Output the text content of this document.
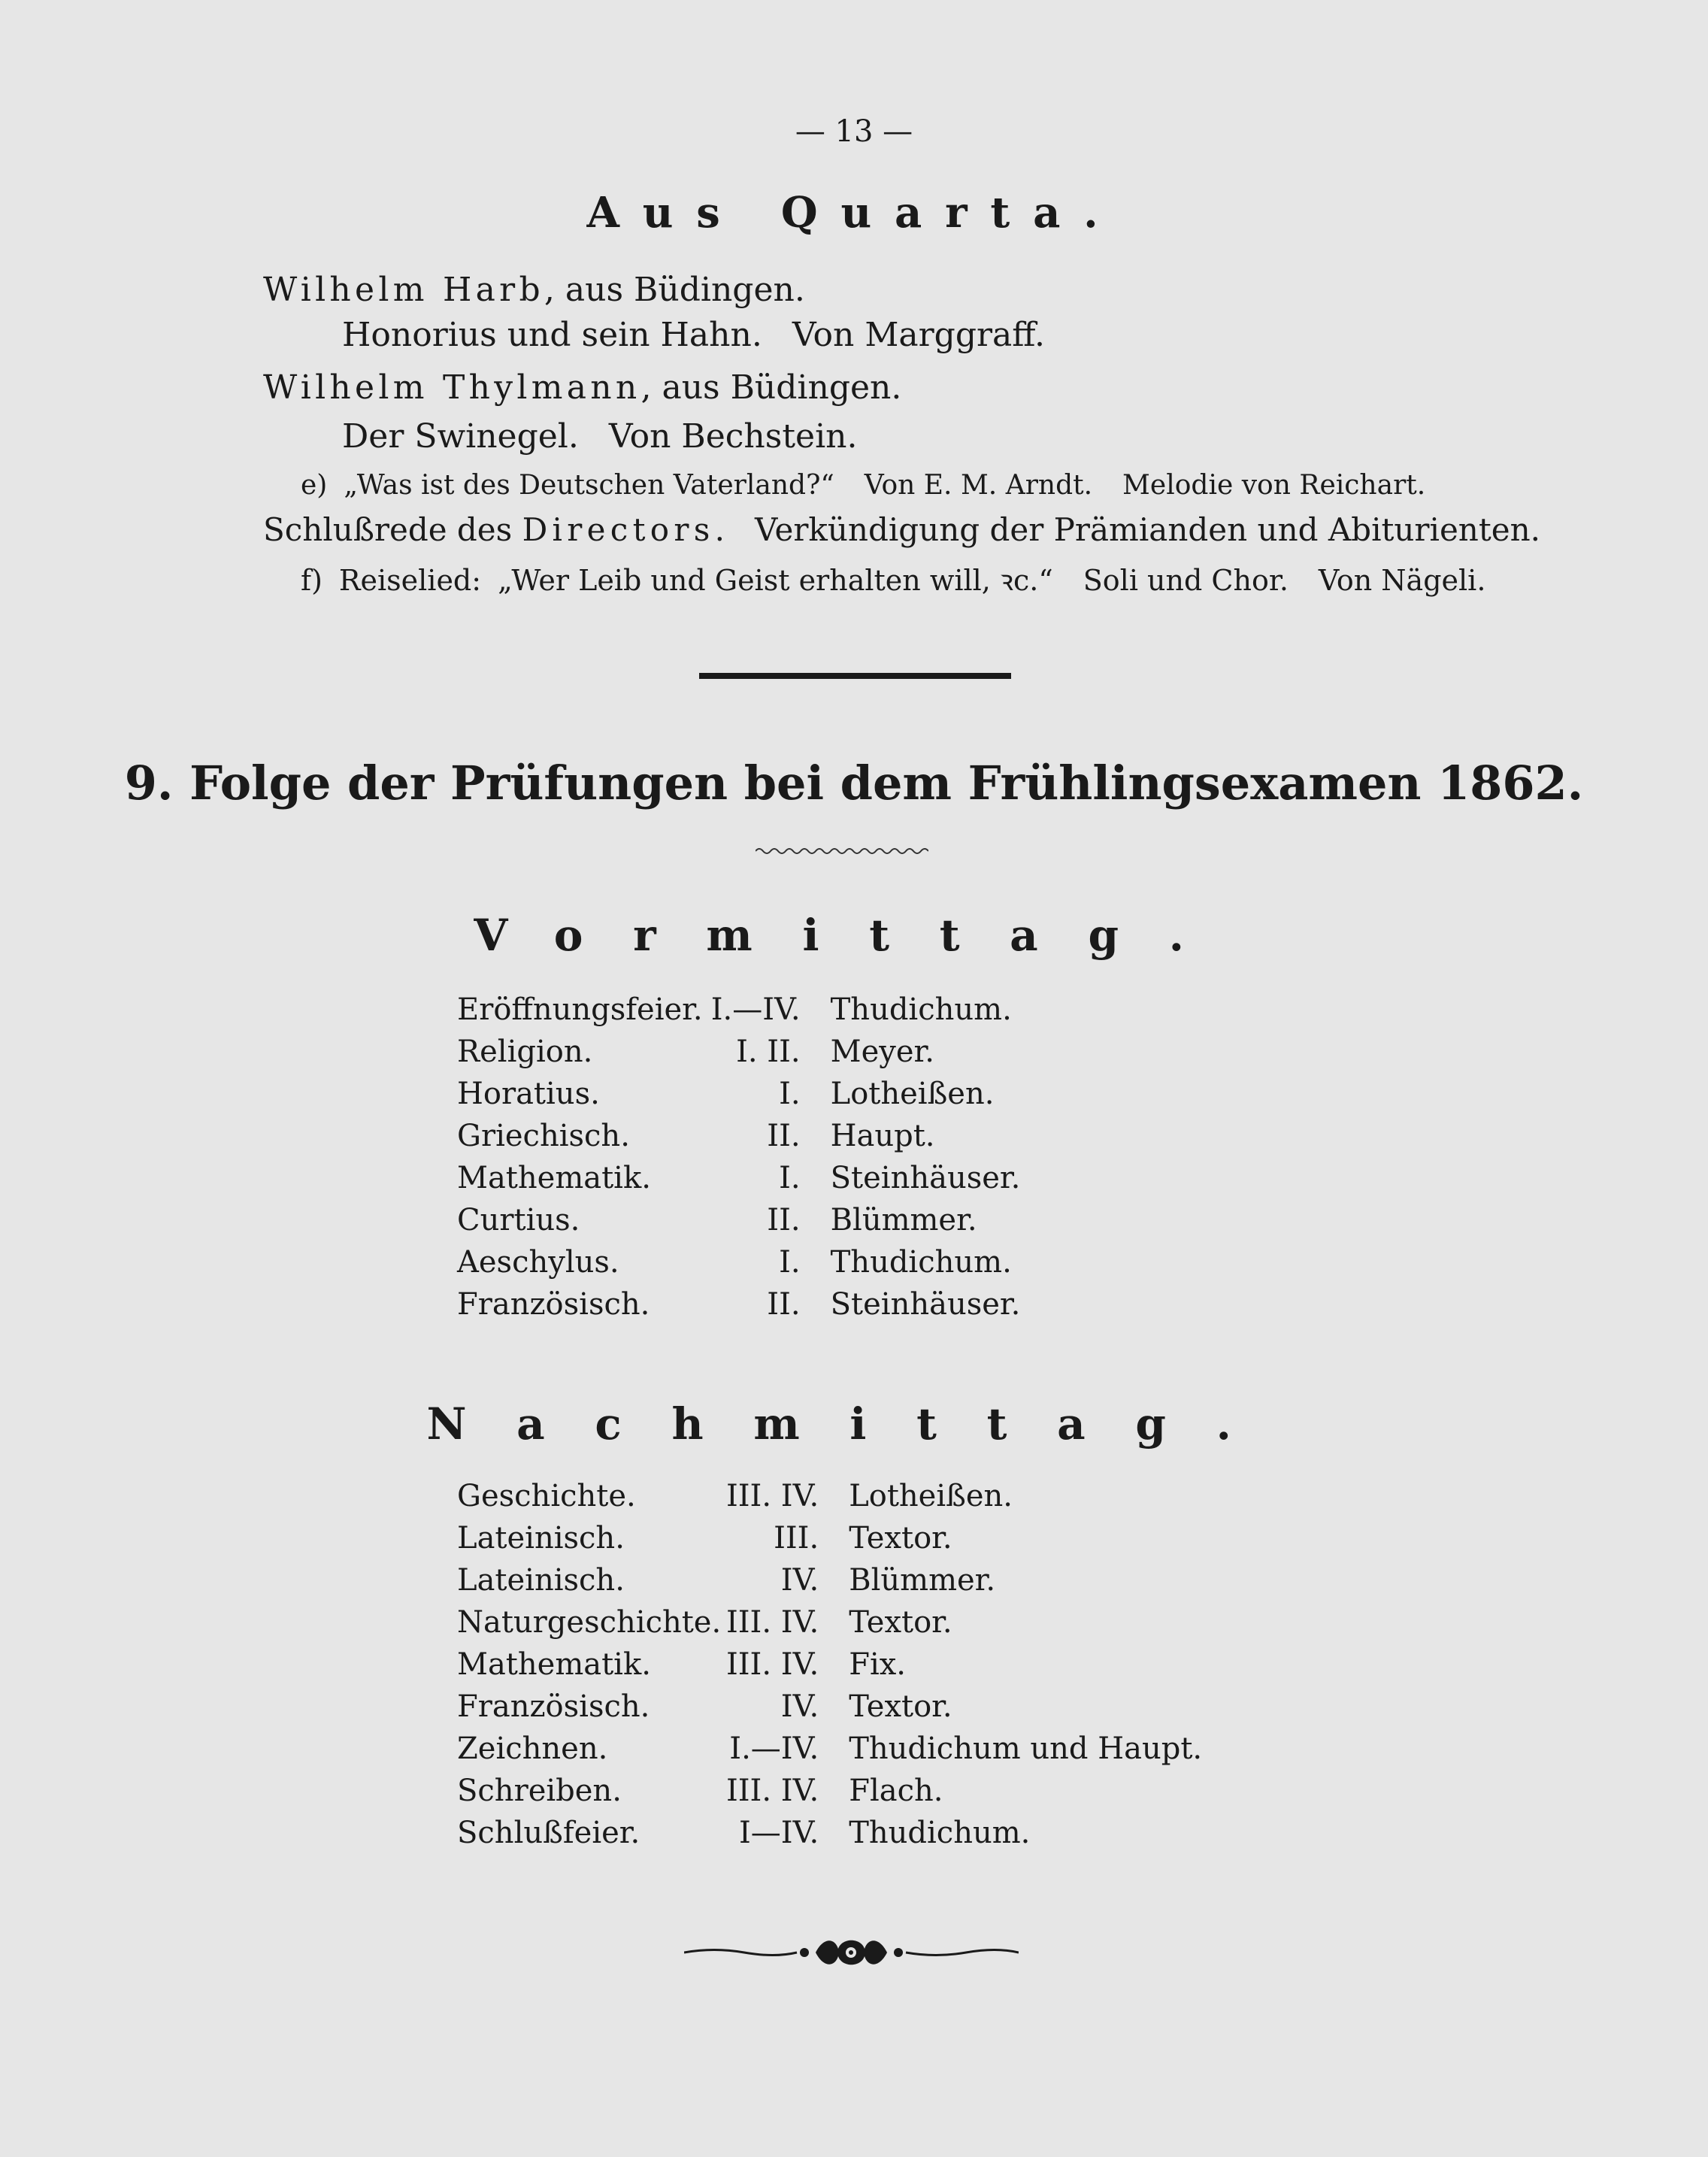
— 13 —
Aus Quarta.
Wilhelm Harb, aus Büdingen.
Honorius und sein Hahn. Von Marggraff.
Wilhelm Thylmann, aus Büdingen.
Der Swinegel. Von Bechstein.
e) „Was ist des Deutschen Vaterland?“ Von E. M. Arndt. Melodie von Reichart.
Schlußrede des Directors. Verkündigung der Prämianden und Abiturienten.
f) Reiselied: „Wer Leib und Geist erhalten will, ꝛc.“ Soli und Chor. Von Nägeli.
9. Folge der Prüfungen bei dem Frühlingsexamen 1862.
Vormittag.
Eröffnungsfeier.	I.—IV.	Thudichum.
Religion.	I. II.	Meyer.
Horatius.	I.	Lotheißen.
Griechisch.	II.	Haupt.
Mathematik.	I.	Steinhäuser.
Curtius.	II.	Blümmer.
Aeschylus.	I.	Thudichum.
Französisch.	II.	Steinhäuser.
Nachmittag.
Geschichte.	III. IV.	Lotheißen.
Lateinisch.	III.	Textor.
Lateinisch.	IV.	Blümmer.
Naturgeschichte.	III. IV.	Textor.
Mathematik.	III. IV.	Fix.
Französisch.	IV.	Textor.
Zeichnen.	I.—IV.	Thudichum und Haupt.
Schreiben.	III. IV.	Flach.
Schlußfeier.	I—IV.	Thudichum.
